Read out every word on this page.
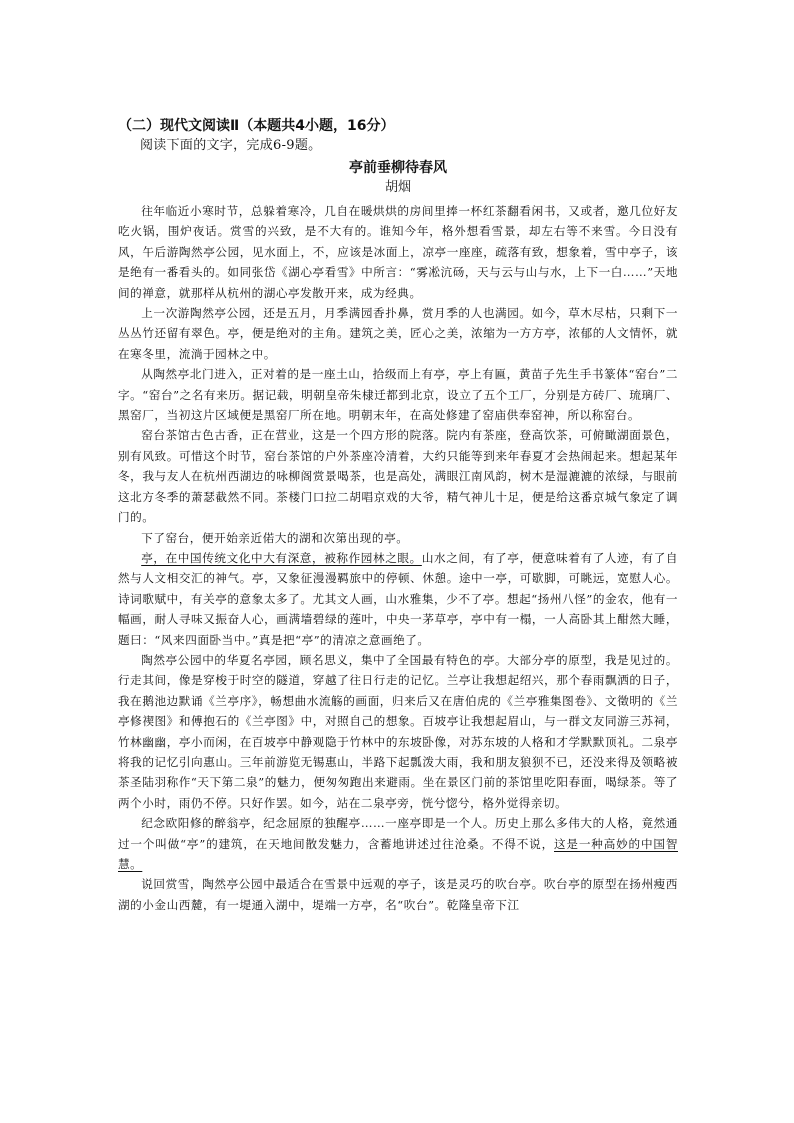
（二）现代文阅读Ⅱ（本题共4小题，16分）

阅读下面的文字，完成6-9题。

亭前垂柳待春风

胡烟

往年临近小寒时节，总躲着寒冷，几自在暖烘烘的房间里捧一杯红茶翻看闲书，又或者，邀几位好友吃火锅，围炉夜话。赏雪的兴致，是不大有的。谁知今年，格外想看雪景，却左右等不来雪。今日没有风，午后游陶然亭公园，见水面上，不，应该是冰面上，凉亭一座座，疏落有致，想象着，雪中亭子，该是绝有一番看头的。如同张岱《湖心亭看雪》中所言：“雾凇沆砀，天与云与山与水，上下一白……”天地间的禅意，就那样从杭州的湖心亭发散开来，成为经典。

上一次游陶然亭公园，还是五月，月季满园香扑鼻，赏月季的人也满园。如今，草木尽枯，只剩下一丛丛竹还留有翠色。亭，便是绝对的主角。建筑之美，匠心之美，浓缩为一方方亭，浓郁的人文情怀，就在寒冬里，流淌于园林之中。

从陶然亭北门进入，正对着的是一座土山，拾级而上有亭，亭上有匾，黄苗子先生手书篆体“窑台”二字。“窑台”之名有来历。据记载，明朝皇帝朱棣迁都到北京，设立了五个工厂，分别是方砖厂、琉璃厂、黑窑厂，当初这片区域便是黑窑厂所在地。明朝末年，在高处修建了窑庙供奉窑神，所以称窑台。

窑台茶馆古色古香，正在营业，这是一个四方形的院落。院内有茶座，登高饮茶，可俯瞰湖面景色，别有风致。可惜这个时节，窑台茶馆的户外茶座冷清着，大约只能等到来年春夏才会热闹起来。想起某年冬，我与友人在杭州西湖边的咏柳阁赏景喝茶，也是高处，满眼江南风韵，树木是湿漉漉的浓绿，与眼前这北方冬季的萧瑟截然不同。茶楼门口拉二胡唱京戏的大爷，精气神儿十足，便是给这番京城气象定了调门的。

下了窑台，便开始亲近偌大的湖和次第出现的亭。

亭，在中国传统文化中大有深意，被称作园林之眼。山水之间，有了亭，便意味着有了人迹，有了自然与人文相交汇的神气。亭，又象征漫漫羁旅中的停顿、休憩。途中一亭，可歇脚，可眺远，宽慰人心。诗词歌赋中，有关亭的意象太多了。尤其文人画，山水雅集，少不了亭。想起“扬州八怪”的金农，他有一幅画，耐人寻味又振奋人心，画满墙碧绿的莲叶，中央一茅草亭，亭中有一榻，一人高卧其上酣然大睡，题曰：“风来四面卧当中。”真是把“亭”的清凉之意画绝了。

陶然亭公园中的华夏名亭园，顾名思义，集中了全国最有特色的亭。大部分亭的原型，我是见过的。行走其间，像是穿梭于时空的隧道，穿越了往日行走的记忆。兰亭让我想起绍兴，那个春雨飘洒的日子，我在鹅池边默诵《兰亭序》，畅想曲水流觞的画面，归来后又在唐伯虎的《兰亭雅集图卷》、文徵明的《兰亭修禊图》和傅抱石的《兰亭图》中，对照自己的想象。百坡亭让我想起眉山，与一群文友同游三苏祠，竹林幽幽，亭小而闲，在百坡亭中静观隐于竹林中的东坡卧像，对苏东坡的人格和才学默默顶礼。二泉亭将我的记忆引向惠山。三年前游览无锡惠山，半路下起瓢泼大雨，我和朋友狼狈不已，还没来得及领略被茶圣陆羽称作“天下第二泉”的魅力，便匆匆跑出来避雨。坐在景区门前的茶馆里吃阳春面，喝绿茶。等了两个小时，雨仍不停。只好作罢。如今，站在二泉亭旁，恍兮惚兮，格外觉得亲切。

纪念欧阳修的醉翁亭，纪念屈原的独醒亭……一座亭即是一个人。历史上那么多伟大的人格，竟然通过一个叫做“亭”的建筑，在天地间散发魅力，含蓄地讲述过往沧桑。不得不说，这是一种高妙的中国智慧。

说回赏雪，陶然亭公园中最适合在雪景中远观的亭子，该是灵巧的吹台亭。吹台亭的原型在扬州瘦西湖的小金山西麓，有一堤通入湖中，堤端一方亭，名“吹台”。乾隆皇帝下江
